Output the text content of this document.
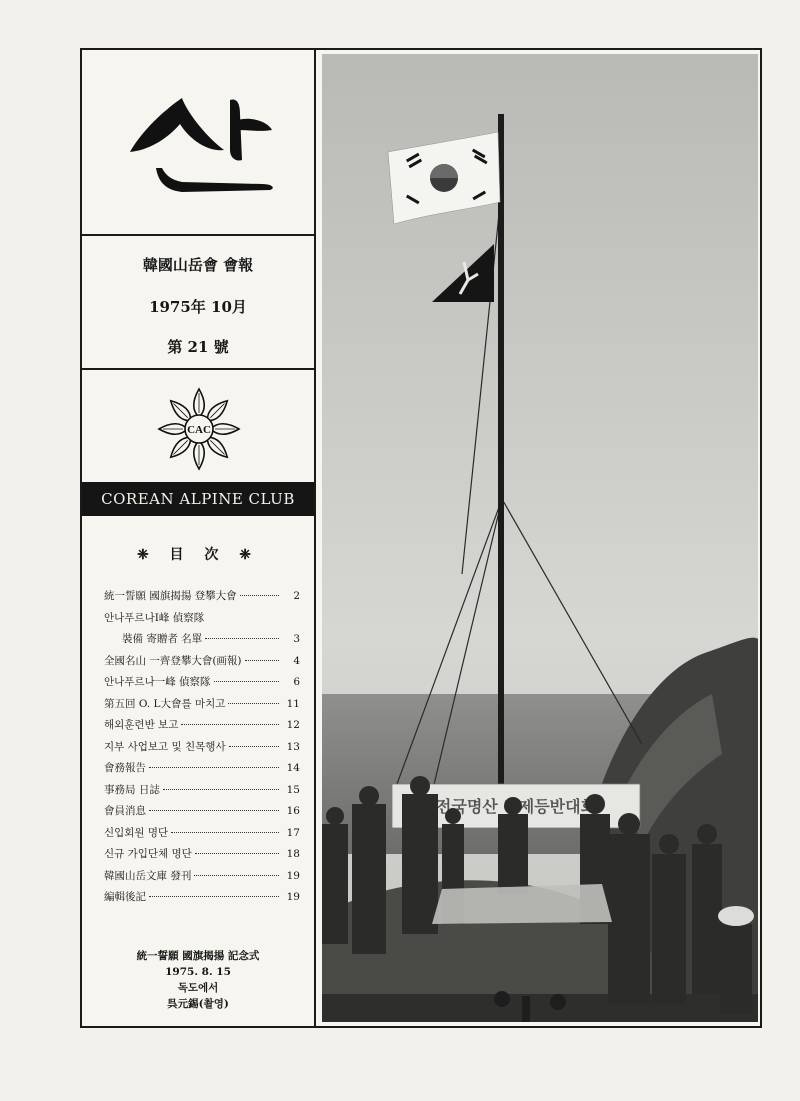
韓國山岳會 會報
1975年 10月
第 21 號
CAC
COREAN ALPINE CLUB
❈ 目 次 ❈
統一誓願 國旗揭揚 登攀大會	2
안나푸르나Ⅰ峰 偵察隊
裝備 寄贈者 名單	3
全國名山 一齊登攀大會(画報)	4
안나푸르나一峰 偵察隊	6
第五回 O. L大會를 마치고	11
해외훈련반 보고	12
지부 사업보고 및 친목행사	13
會務報告	14
事務局 日誌	15
會員消息	16
신입회원 명단	17
신규 가입단체 명단	18
韓國山岳文庫 發刊	19
編輯後記	19
統一誓願 國旗揭揚 記念式
1975. 8. 15
독도에서
呉元錫(촬영)
전국명산 일제등반대회
